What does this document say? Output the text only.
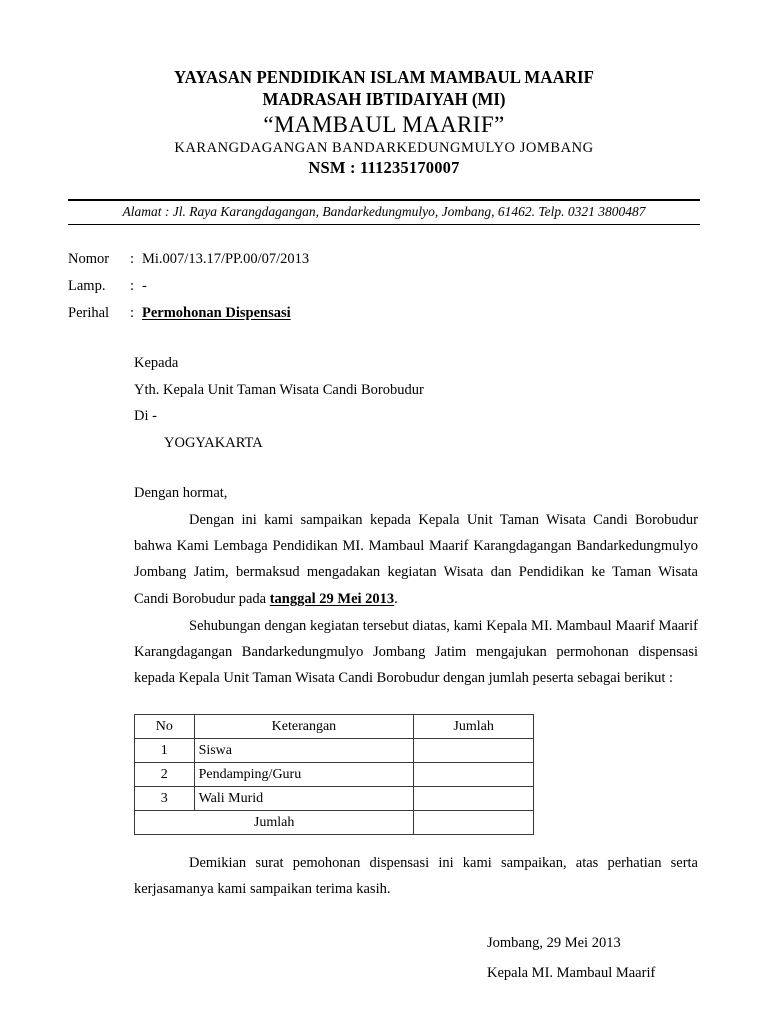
YAYASAN PENDIDIKAN ISLAM MAMBAUL MAARIF
MADRASAH IBTIDAIYAH (MI)
“MAMBAUL MAARIF”
KARANGDAGANGAN BANDARKEDUNGMULYO JOMBANG
NSM : 111235170007
Alamat : Jl. Raya Karangdagangan, Bandarkedungmulyo, Jombang, 61462. Telp. 0321 3800487
Nomor	: Mi.007/13.17/PP.00/07/2013
Lamp.	: -
Perihal	: Permohonan Dispensasi
Kepada
Yth. Kepala Unit Taman Wisata Candi Borobudur
Di -
YOGYAKARTA
Dengan hormat,

Dengan ini kami sampaikan kepada Kepala Unit Taman Wisata Candi Borobudur bahwa Kami Lembaga Pendidikan MI. Mambaul Maarif Karangdagangan Bandarkedungmulyo Jombang Jatim, bermaksud mengadakan kegiatan Wisata dan Pendidikan ke Taman Wisata Candi Borobudur pada tanggal 29 Mei 2013.

Sehubungan dengan kegiatan tersebut diatas, kami Kepala MI. Mambaul Maarif Maarif Karangdagangan Bandarkedungmulyo Jombang Jatim mengajukan permohonan dispensasi kepada Kepala Unit Taman Wisata Candi Borobudur dengan jumlah peserta sebagai berikut :

No	Keterangan	Jumlah
1	Siswa	
2	Pendamping/Guru	
3	Wali Murid	
Jumlah		

Demikian surat pemohonan dispensasi ini kami sampaikan, atas perhatian serta kerjasamanya kami sampaikan terima kasih.

Jombang, 29 Mei 2013
Kepala MI. Mambaul Maarif
